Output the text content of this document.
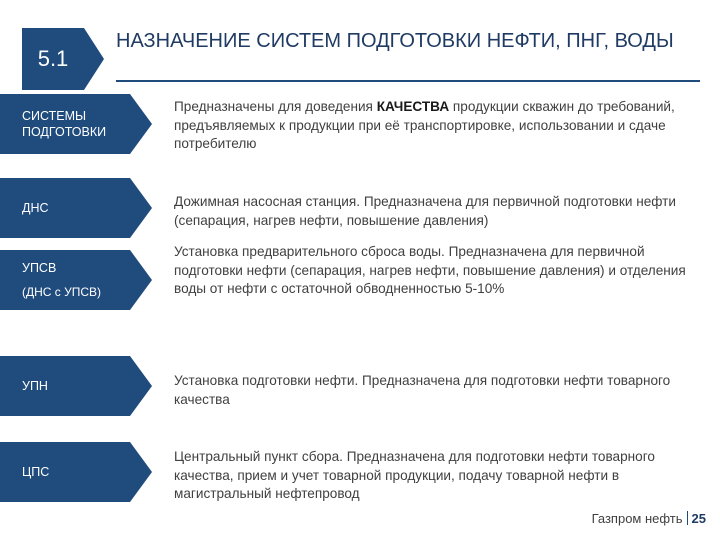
5.1
НАЗНАЧЕНИЕ СИСТЕМ ПОДГОТОВКИ НЕФТИ, ПНГ, ВОДЫ
СИСТЕМЫ ПОДГОТОВКИ
Предназначены для доведения КАЧЕСТВА продукции скважин до требований, предъявляемых к продукции при её транспортировке, использовании и сдаче потребителю
ДНС	Дожимная насосная станция. Предназначена для первичной подготовки нефти (сепарация, нагрев нефти, повышение давления)
УПСВ
(ДНС с УПСВ)
Установка предварительного сброса воды. Предназначена для первичной подготовки нефти (сепарация, нагрев нефти, повышение давления) и отделения воды от нефти с остаточной обводненностью 5-10%
УПН	Установка подготовки нефти. Предназначена для подготовки нефти товарного качества
ЦПС
Центральный пункт сбора. Предназначена для подготовки нефти товарного качества, прием и учет товарной продукции, подачу товарной нефти в магистральный нефтепровод
Газпром нефть 25
